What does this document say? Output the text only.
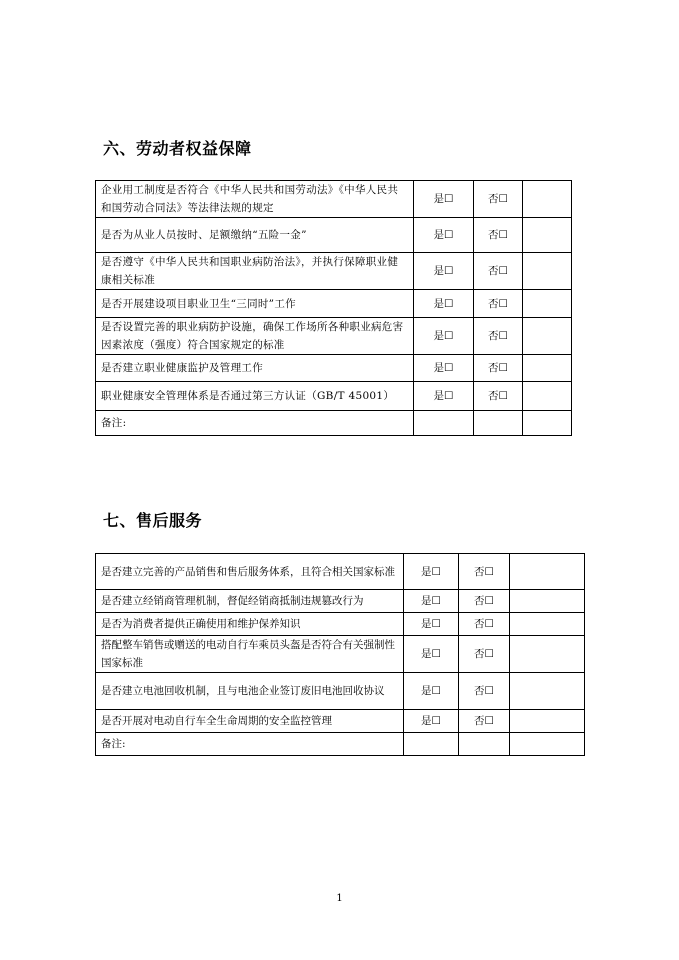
六、劳动者权益保障
企业用工制度是否符合《中华人民共和国劳动法》《中华人民共和国劳动合同法》等法律法规的规定	是☐	否☐	
是否为从业人员按时、足额缴纳“五险一金”	是☐	否☐	
是否遵守《中华人民共和国职业病防治法》，并执行保障职业健康相关标准	是☐	否☐	
是否开展建设项目职业卫生“三同时”工作	是☐	否☐	
是否设置完善的职业病防护设施，确保工作场所各种职业病危害因素浓度（强度）符合国家规定的标准	是☐	否☐	
是否建立职业健康监护及管理工作	是☐	否☐	
职业健康安全管理体系是否通过第三方认证（GB/T 45001）	是☐	否☐	
备注:			
七、售后服务
是否建立完善的产品销售和售后服务体系，且符合相关国家标准	是☐	否☐	
是否建立经销商管理机制，督促经销商抵制违规篡改行为	是☐	否☐	
是否为消费者提供正确使用和维护保养知识	是☐	否☐	
搭配整车销售或赠送的电动自行车乘员头盔是否符合有关强制性国家标准	是☐	否☐	
是否建立电池回收机制，且与电池企业签订废旧电池回收协议	是☐	否☐	
是否开展对电动自行车全生命周期的安全监控管理	是☐	否☐	
备注:			
1
